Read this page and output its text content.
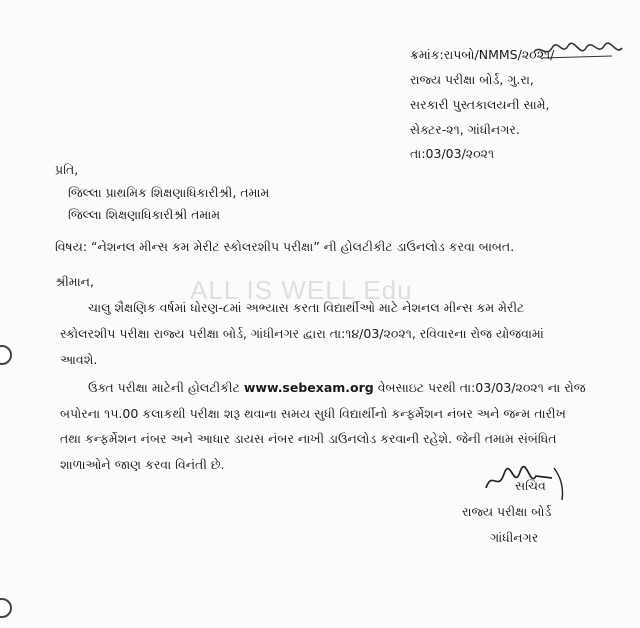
ALL IS WELL Edu
ક્રમાંક:રાપબો/NMMS/૨૦૨૧/
રાજ્ય પરીક્ષા બોર્ડ, ગુ.રા,
સરકારી પુસ્તકાલયની સામે,
સેક્ટર-૨૧, ગાંધીનગર.
તા:03/03/૨૦૨૧
પ્રતિ,
જિલ્લા પ્રાથમિક શિક્ષણાધિકારીશ્રી, તમામ
જિલ્લા શિક્ષણાધિકારીશ્રી તમામ
વિષય: “નેશનલ મીન્સ કમ મેરીટ સ્કોલરશીપ પરીક્ષા” ની હોલટીકીટ ડાઉનલોડ કરવા બાબત.
શ્રીમાન,
ચાલુ શૈક્ષણિક વર્ષમાં ધોરણ-૮માં અભ્યાસ કરતા વિદ્યાર્થીઓ માટે નેશનલ મીન્સ કમ મેરીટ
સ્કોલરશીપ પરીક્ષા રાજ્ય પરીક્ષા બોર્ડ, ગાંધીનગર દ્વારા તા:૧૪/03/૨૦૨૧, રવિવારના રોજ યોજવામાં
આવશે.
ઉક્ત પરીક્ષા માટેની હોલટીકીટ www.sebexam.org વેબસાઇટ પરથી તા:03/03/૨૦૨૧ ના રોજ
બપોરના ૧૫.00 કલાકથી પરીક્ષા શરૂ થવાના સમય સુધી વિદ્યાર્થીનો કન્ફર્મેશન નંબર અને જન્મ તારીખ
તથા કન્ફર્મેશન નંબર અને આધાર ડાયસ નંબર નાખી ડાઉનલોડ કરવાની રહેશે. જેની તમામ સંબંધિત
શાળાઓને જાણ કરવા વિનંતી છે.
સચિવ
રાજ્ય પરીક્ષા બોર્ડ
ગાંધીનગર
